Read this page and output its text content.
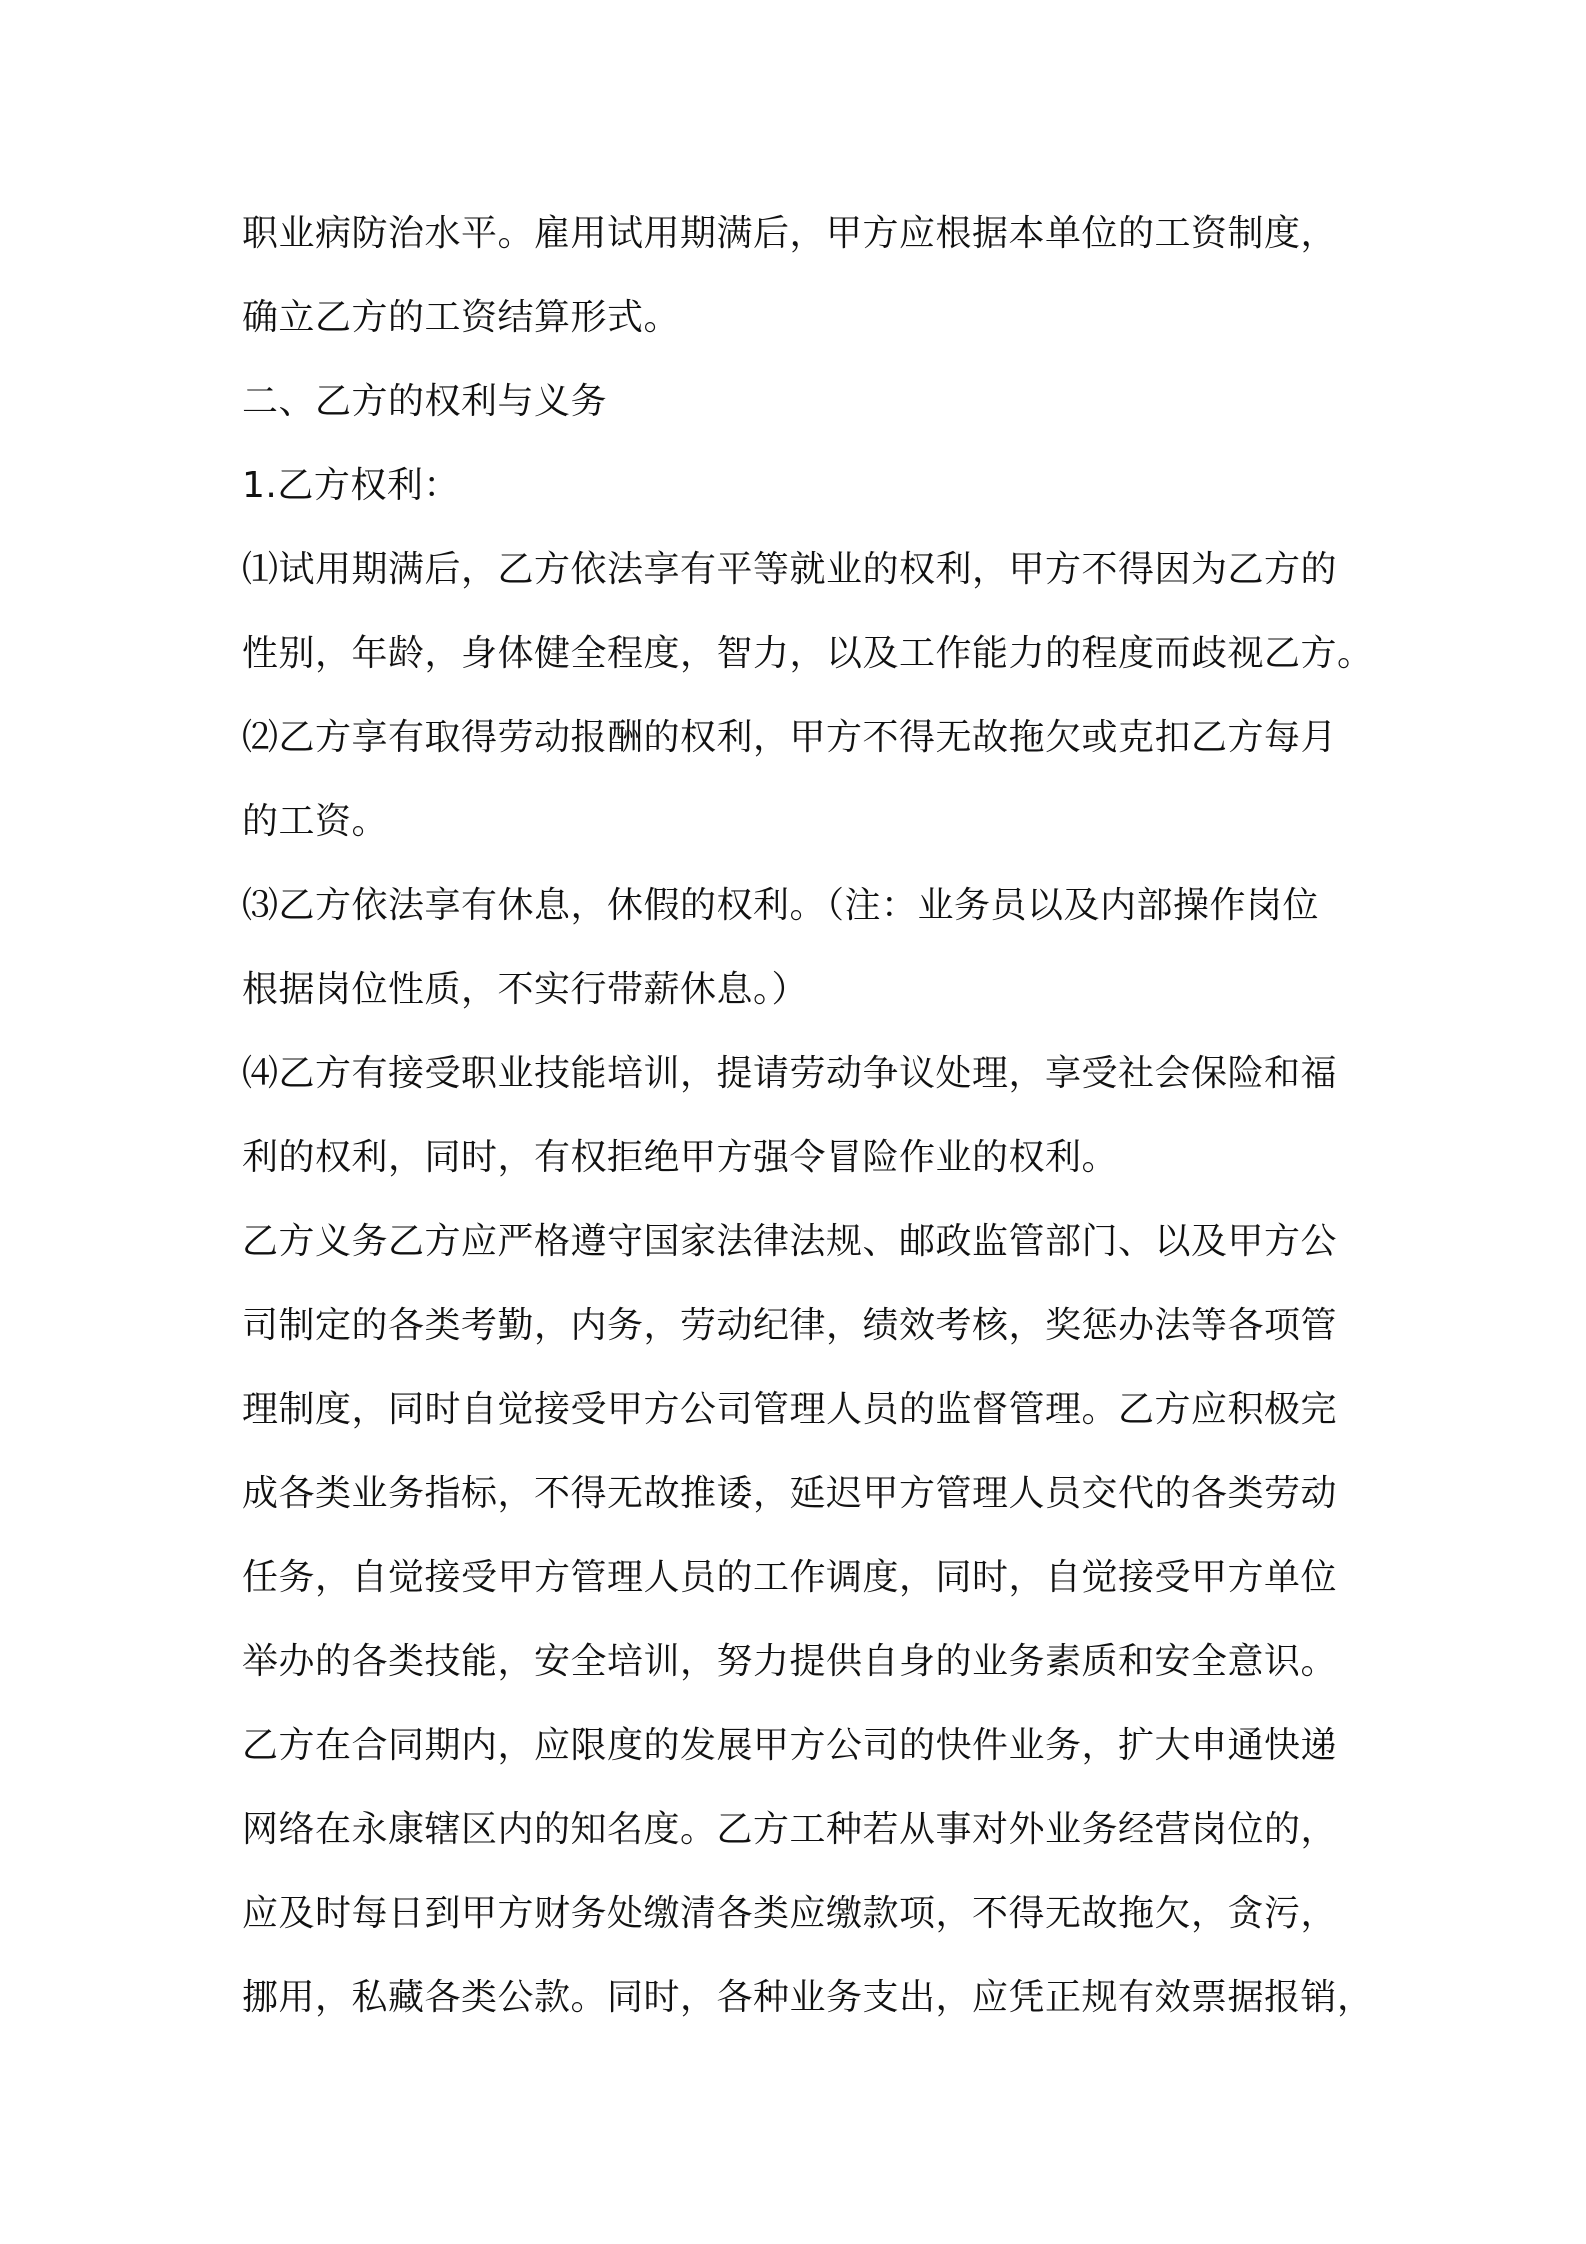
职业病防治水平。雇用试用期满后，甲方应根据本单位的工资制度，
确立乙方的工资结算形式。
二、乙方的权利与义务
1.乙方权利：
⑴试用期满后，乙方依法享有平等就业的权利，甲方不得因为乙方的
性别，年龄，身体健全程度，智力，以及工作能力的程度而歧视乙方。
⑵乙方享有取得劳动报酬的权利，甲方不得无故拖欠或克扣乙方每月
的工资。
⑶乙方依法享有休息，休假的权利。（注：业务员以及内部操作岗位
根据岗位性质，不实行带薪休息。）
⑷乙方有接受职业技能培训，提请劳动争议处理，享受社会保险和福
利的权利，同时，有权拒绝甲方强令冒险作业的权利。
乙方义务乙方应严格遵守国家法律法规、邮政监管部门、以及甲方公
司制定的各类考勤，内务，劳动纪律，绩效考核，奖惩办法等各项管
理制度，同时自觉接受甲方公司管理人员的监督管理。乙方应积极完
成各类业务指标，不得无故推诿，延迟甲方管理人员交代的各类劳动
任务，自觉接受甲方管理人员的工作调度，同时，自觉接受甲方单位
举办的各类技能，安全培训，努力提供自身的业务素质和安全意识。
乙方在合同期内，应限度的发展甲方公司的快件业务，扩大申通快递
网络在永康辖区内的知名度。乙方工种若从事对外业务经营岗位的，
应及时每日到甲方财务处缴清各类应缴款项，不得无故拖欠，贪污，
挪用，私藏各类公款。同时，各种业务支出，应凭正规有效票据报销，
